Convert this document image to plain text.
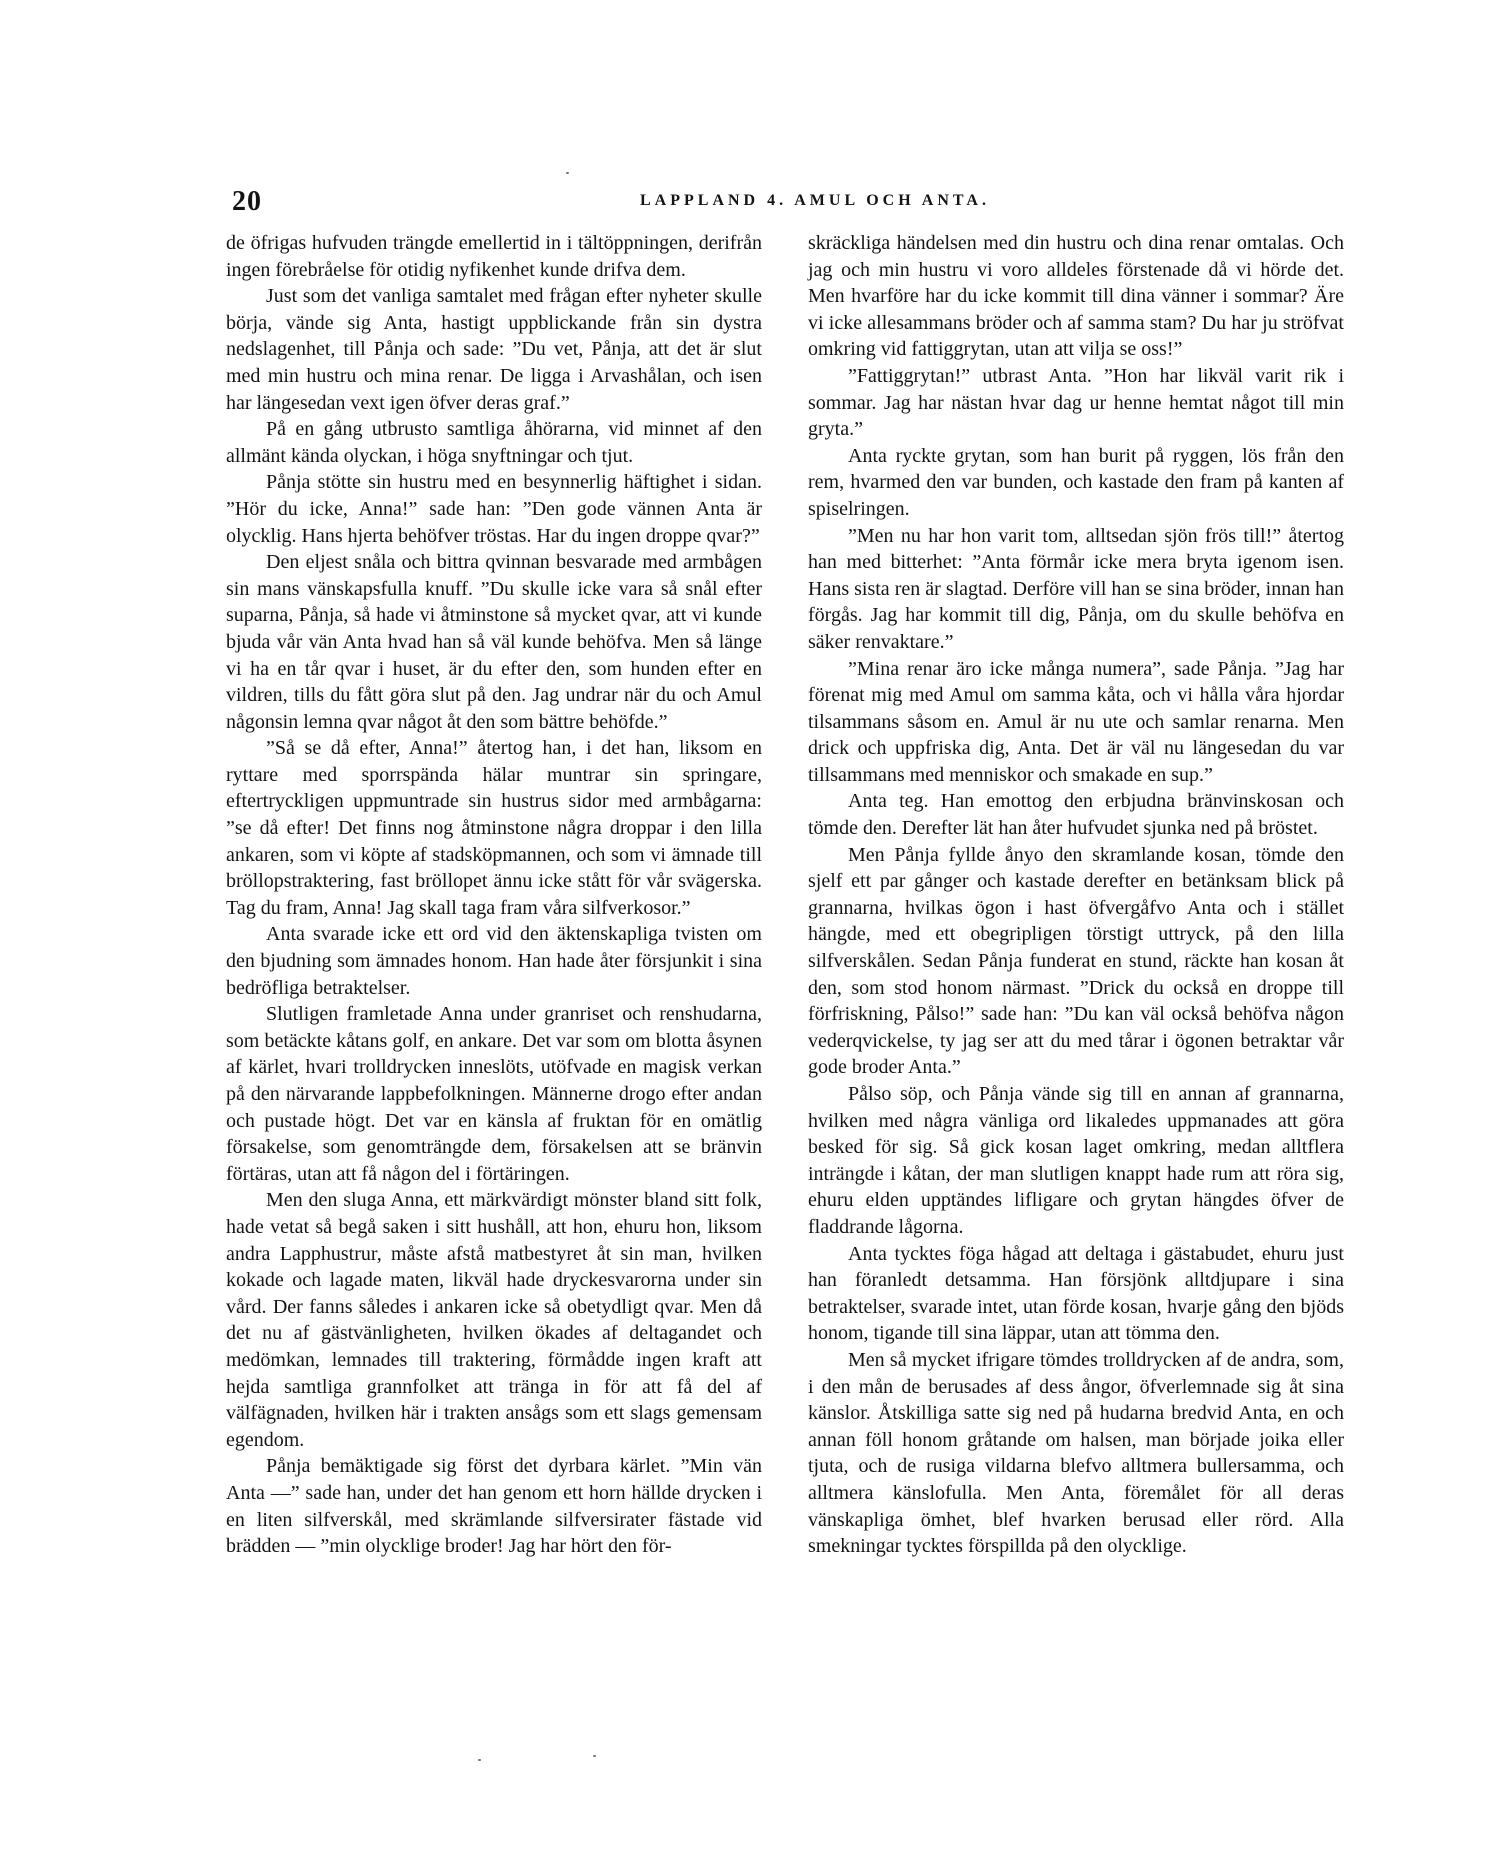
20	LAPPLAND 4. AMUL OCH ANTA.

de öfrigas hufvuden trängde emellertid in i tältöppningen, derifrån ingen förebråelse för otidig nyfikenhet kunde drifva dem.

Just som det vanliga samtalet med frågan efter nyheter skulle börja, vände sig Anta, hastigt uppblickande från sin dystra nedslagenhet, till Pånja och sade: ”Du vet, Pånja, att det är slut med min hustru och mina renar. De ligga i Arvashålan, och isen har längesedan vext igen öfver deras graf.”

På en gång utbrusto samtliga åhörarna, vid minnet af den allmänt kända olyckan, i höga snyftningar och tjut.

Pånja stötte sin hustru med en besynnerlig häftighet i sidan. ”Hör du icke, Anna!” sade han: ”Den gode vännen Anta är olycklig. Hans hjerta behöfver tröstas. Har du ingen droppe qvar?”

Den eljest snåla och bittra qvinnan besvarade med armbågen sin mans vänskapsfulla knuff. ”Du skulle icke vara så snål efter suparna, Pånja, så hade vi åtminstone så mycket qvar, att vi kunde bjuda vår vän Anta hvad han så väl kunde behöfva. Men så länge vi ha en tår qvar i huset, är du efter den, som hunden efter en vildren, tills du fått göra slut på den. Jag undrar när du och Amul någonsin lemna qvar något åt den som bättre behöfde.”

”Så se då efter, Anna!” återtog han, i det han, liksom en ryttare med sporrspända hälar muntrar sin springare, eftertryckligen uppmuntrade sin hustrus sidor med armbågarna: ”se då efter! Det finns nog åtminstone några droppar i den lilla ankaren, som vi köpte af stadsköpmannen, och som vi ämnade till bröllopstraktering, fast bröllopet ännu icke stått för vår svägerska. Tag du fram, Anna! Jag skall taga fram våra silfverkosor.”

Anta svarade icke ett ord vid den äktenskapliga tvisten om den bjudning som ämnades honom. Han hade åter försjunkit i sina bedröfliga betraktelser.

Slutligen framletade Anna under granriset och renshudarna, som betäckte kåtans golf, en ankare. Det var som om blotta åsynen af kärlet, hvari trolldrycken inneslöts, utöfvade en magisk verkan på den närvarande lappbefolkningen. Männerne drogo efter andan och pustade högt. Det var en känsla af fruktan för en omätlig försakelse, som genomträngde dem, försakelsen att se bränvin förtäras, utan att få någon del i förtäringen.

Men den sluga Anna, ett märkvärdigt mönster bland sitt folk, hade vetat så begå saken i sitt hushåll, att hon, ehuru hon, liksom andra Lapphustrur, måste afstå matbestyret åt sin man, hvilken kokade och lagade maten, likväl hade dryckesvarorna under sin vård. Der fanns således i ankaren icke så obetydligt qvar. Men då det nu af gästvänligheten, hvilken ökades af deltagandet och medömkan, lemnades till traktering, förmådde ingen kraft att hejda samtliga grannfolket att tränga in för att få del af välfägnaden, hvilken här i trakten ansågs som ett slags gemensam egendom.

Pånja bemäktigade sig först det dyrbara kärlet. ”Min vän Anta —” sade han, under det han genom ett horn hällde drycken i en liten silfverskål, med skrämlande silfversirater fästade vid brädden — ”min olycklige broder! Jag har hört den för-

skräckliga händelsen med din hustru och dina renar omtalas. Och jag och min hustru vi voro alldeles förstenade då vi hörde det. Men hvarföre har du icke kommit till dina vänner i sommar? Äre vi icke allesammans bröder och af samma stam? Du har ju ströfvat omkring vid fattiggrytan, utan att vilja se oss!”

”Fattiggrytan!” utbrast Anta. ”Hon har likväl varit rik i sommar. Jag har nästan hvar dag ur henne hemtat något till min gryta.”

Anta ryckte grytan, som han burit på ryggen, lös från den rem, hvarmed den var bunden, och kastade den fram på kanten af spiselringen.

”Men nu har hon varit tom, alltsedan sjön frös till!” återtog han med bitterhet: ”Anta förmår icke mera bryta igenom isen. Hans sista ren är slagtad. Derföre vill han se sina bröder, innan han förgås. Jag har kommit till dig, Pånja, om du skulle behöfva en säker renvaktare.”

”Mina renar äro icke många numera”, sade Pånja. ”Jag har förenat mig med Amul om samma kåta, och vi hålla våra hjordar tilsammans såsom en. Amul är nu ute och samlar renarna. Men drick och uppfriska dig, Anta. Det är väl nu längesedan du var tillsammans med menniskor och smakade en sup.”

Anta teg. Han emottog den erbjudna bränvinskosan och tömde den. Derefter lät han åter hufvudet sjunka ned på bröstet.

Men Pånja fyllde ånyo den skramlande kosan, tömde den sjelf ett par gånger och kastade derefter en betänksam blick på grannarna, hvilkas ögon i hast öfvergåfvo Anta och i stället hängde, med ett obegripligen törstigt uttryck, på den lilla silfverskålen. Sedan Pånja funderat en stund, räckte han kosan åt den, som stod honom närmast. ”Drick du också en droppe till förfriskning, Pålso!” sade han: ”Du kan väl också behöfva någon vederqvickelse, ty jag ser att du med tårar i ögonen betraktar vår gode broder Anta.”

Pålso söp, och Pånja vände sig till en annan af grannarna, hvilken med några vänliga ord likaledes uppmanades att göra besked för sig. Så gick kosan laget omkring, medan alltflera inträngde i kåtan, der man slutligen knappt hade rum att röra sig, ehuru elden upptändes lifligare och grytan hängdes öfver de fladdrande lågorna.

Anta tycktes föga hågad att deltaga i gästabudet, ehuru just han föranledt detsamma. Han försjönk alltdjupare i sina betraktelser, svarade intet, utan förde kosan, hvarje gång den bjöds honom, tigande till sina läppar, utan att tömma den.

Men så mycket ifrigare tömdes trolldrycken af de andra, som, i den mån de berusades af dess ångor, öfverlemnade sig åt sina känslor. Åtskilliga satte sig ned på hudarna bredvid Anta, en och annan föll honom gråtande om halsen, man började joika eller tjuta, och de rusiga vildarna blefvo alltmera bullersamma, och alltmera känslofulla. Men Anta, föremålet för all deras vänskapliga ömhet, blef hvarken berusad eller rörd. Alla smekningar tycktes förspillda på den olycklige.
